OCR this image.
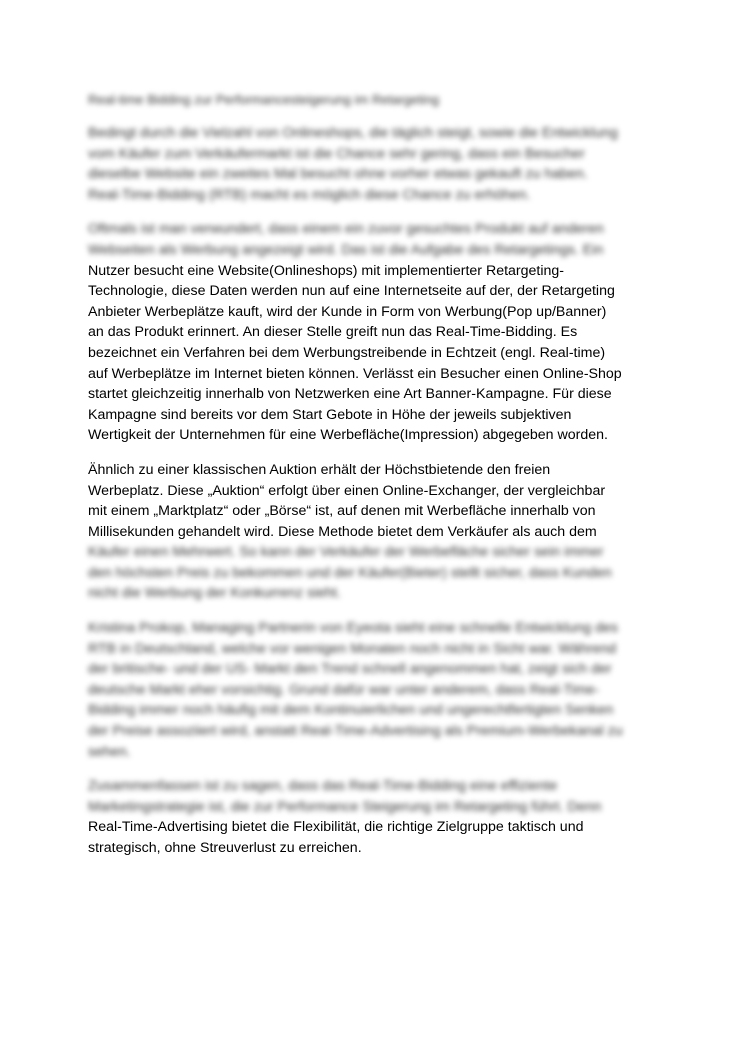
Real-time Bidding zur Performancesteigerung im Retargeting
Bedingt durch die Vielzahl von Onlineshops, die täglich steigt, sowie die Entwicklung
vom Käufer zum Verkäufermarkt ist die Chance sehr gering, dass ein Besucher
dieselbe Website ein zweites Mal besucht ohne vorher etwas gekauft zu haben.
Real-Time-Bidding (RTB) macht es möglich diese Chance zu erhöhen.
Oftmals ist man verwundert, dass einem ein zuvor gesuchtes Produkt auf anderen
Webseiten als Werbung angezeigt wird. Das ist die Aufgabe des Retargetings. Ein
Nutzer besucht eine Website(Onlineshops) mit implementierter Retargeting-
Technologie, diese Daten werden nun auf eine Internetseite auf der, der Retargeting
Anbieter Werbeplätze kauft, wird der Kunde in Form von Werbung(Pop up/Banner)
an das Produkt erinnert. An dieser Stelle greift nun das Real-Time-Bidding. Es
bezeichnet ein Verfahren bei dem Werbungstreibende in Echtzeit (engl. Real-time)
auf Werbeplätze im Internet bieten können. Verlässt ein Besucher einen Online-Shop
startet gleichzeitig innerhalb von Netzwerken eine Art Banner-Kampagne. Für diese
Kampagne sind bereits vor dem Start Gebote in Höhe der jeweils subjektiven
Wertigkeit der Unternehmen für eine Werbefläche(Impression) abgegeben worden.
Ähnlich zu einer klassischen Auktion erhält der Höchstbietende den freien
Werbeplatz. Diese „Auktion“ erfolgt über einen Online-Exchanger, der vergleichbar
mit einem „Marktplatz“ oder „Börse“ ist, auf denen mit Werbefläche innerhalb von
Millisekunden gehandelt wird. Diese Methode bietet dem Verkäufer als auch dem
Käufer einen Mehrwert. So kann der Verkäufer der Werbefläche sicher sein immer
den höchsten Preis zu bekommen und der Käufer(Bieter) stellt sicher, dass Kunden
nicht die Werbung der Konkurrenz sieht.
Kristina Prokop, Managing Partnerin von Eyeota sieht eine schnelle Entwicklung des
RTB in Deutschland, welche vor wenigen Monaten noch nicht in Sicht war. Während
der britische- und der US- Markt den Trend schnell angenommen hat, zeigt sich der
deutsche Markt eher vorsichtig. Grund dafür war unter anderem, dass Real-Time-
Bidding immer noch häufig mit dem Kontinuierlichen und ungerechtfertigten Senken
der Preise assoziiert wird, anstatt Real-Time-Advertising als Premium-Werbekanal zu
sehen.
Zusammenfassen ist zu sagen, dass das Real-Time-Bidding eine effiziente
Marketingstrategie ist, die zur Performance Steigerung im Retargeting führt. Denn
Real-Time-Advertising bietet die Flexibilität, die richtige Zielgruppe taktisch und
strategisch, ohne Streuverlust zu erreichen.
